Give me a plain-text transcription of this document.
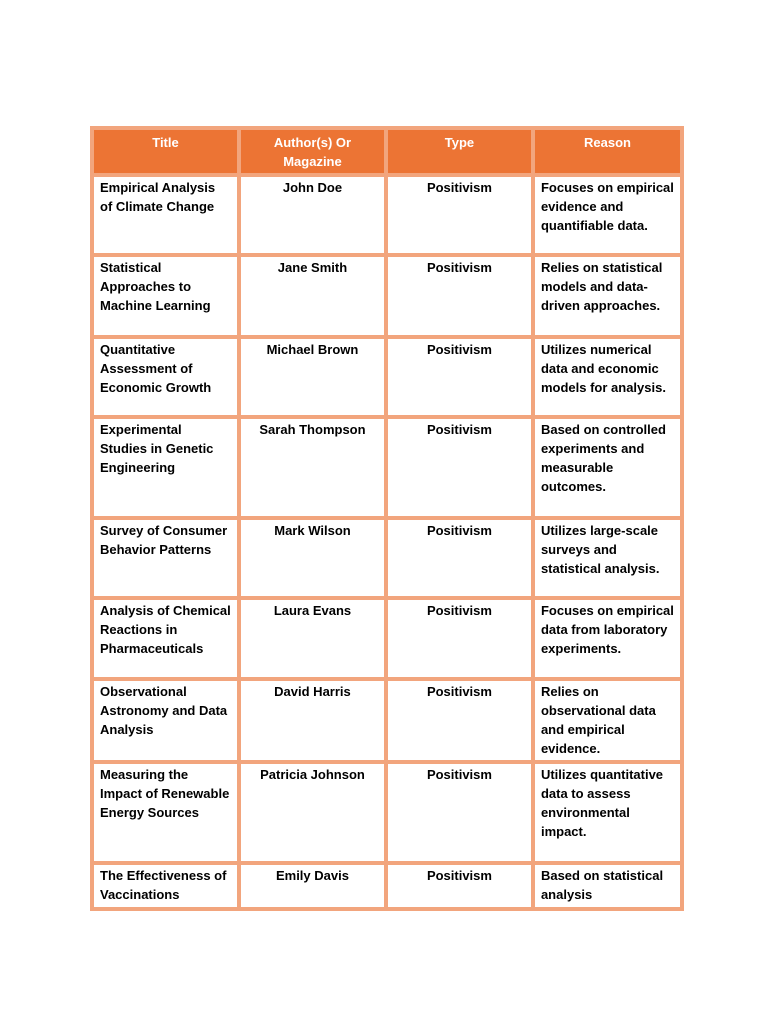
Title	Author(s) Or Magazine	Type	Reason
Empirical Analysis of Climate Change	John Doe	Positivism	Focuses on empirical evidence and quantifiable data.
Statistical Approaches to Machine Learning	Jane Smith	Positivism	Relies on statistical models and data-driven approaches.
Quantitative Assessment of Economic Growth	Michael Brown	Positivism	Utilizes numerical data and economic models for analysis.
Experimental Studies in Genetic Engineering	Sarah Thompson	Positivism	Based on controlled experiments and measurable outcomes.
Survey of Consumer Behavior Patterns	Mark Wilson	Positivism	Utilizes large-scale surveys and statistical analysis.
Analysis of Chemical Reactions in Pharmaceuticals	Laura Evans	Positivism	Focuses on empirical data from laboratory experiments.
Observational Astronomy and Data Analysis	David Harris	Positivism	Relies on observational data and empirical evidence.
Measuring the Impact of Renewable Energy Sources	Patricia Johnson	Positivism	Utilizes quantitative data to assess environmental impact.
The Effectiveness of Vaccinations	Emily Davis	Positivism	Based on statistical analysis
